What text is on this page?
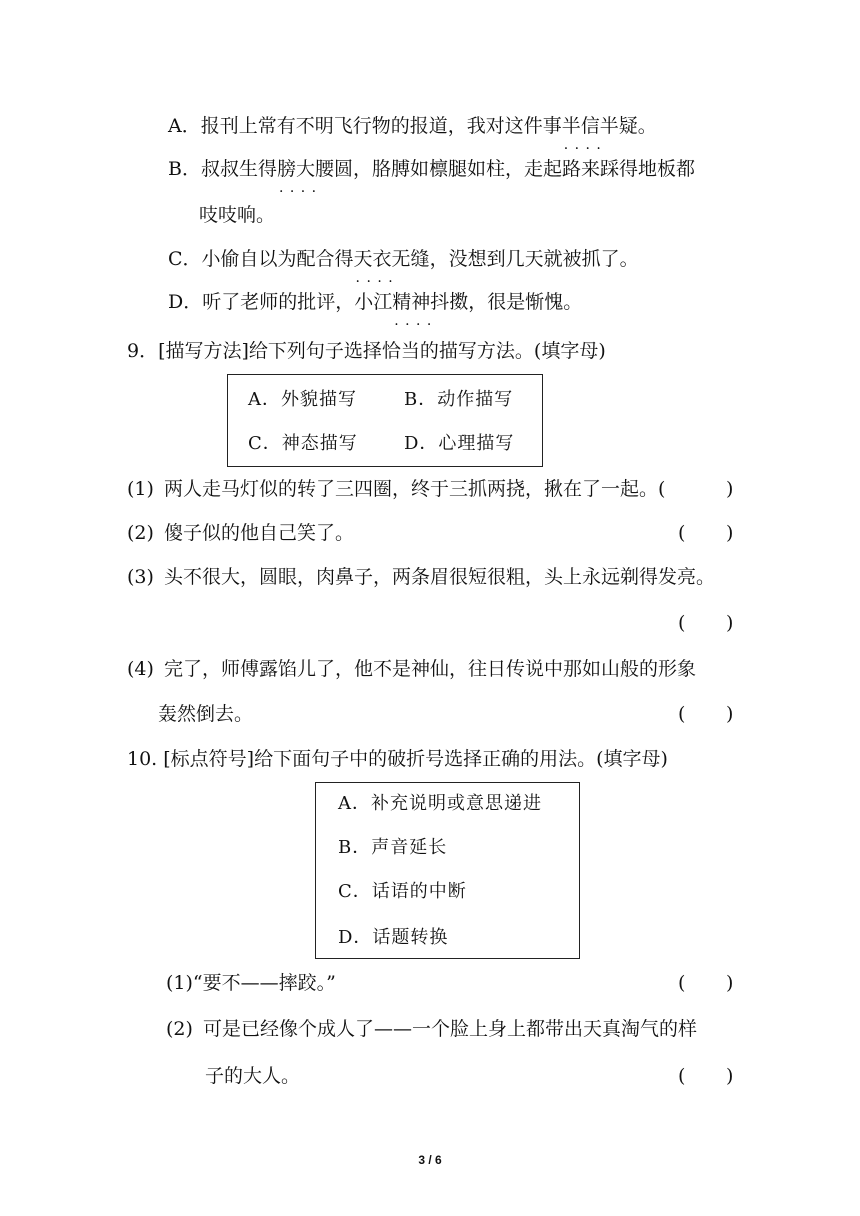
A．报刊上常有不明飞行物的报道，我对这件事半信半疑 · · · ·。
B．叔叔生得膀大腰圆 · · · ·，胳膊如檩腿如柱，走起路来踩得地板都
吱吱响。
C．小偷自以为配合得天衣无缝 · · · ·，没想到几天就被抓了。
D．听了老师的批评，小江精神抖擞 · · · ·，很是惭愧。
9．[描写方法]给下列句子选择恰当的描写方法。(填字母)
A．外貌描写	B．动作描写
C．神态描写	D．心理描写
(1) 两人走马灯似的转了三四圈，终于三抓两挠，揪在了一起。(	)
(2) 傻子似的他自己笑了。	( )
(3) 头不很大，圆眼，肉鼻子，两条眉很短很粗，头上永远剃得发亮。
( )
(4) 完了，师傅露馅儿了，他不是神仙，往日传说中那如山般的形象
轰然倒去。	( )
10. [标点符号]给下面句子中的破折号选择正确的用法。(填字母)
A．补充说明或意思递进
B．声音延长
C．话语的中断
D．话题转换
(1)“要不——摔跤。”	( )
(2) 可是已经像个成人了——一个脸上身上都带出天真淘气的样
子的大人。	( )
3 / 6
